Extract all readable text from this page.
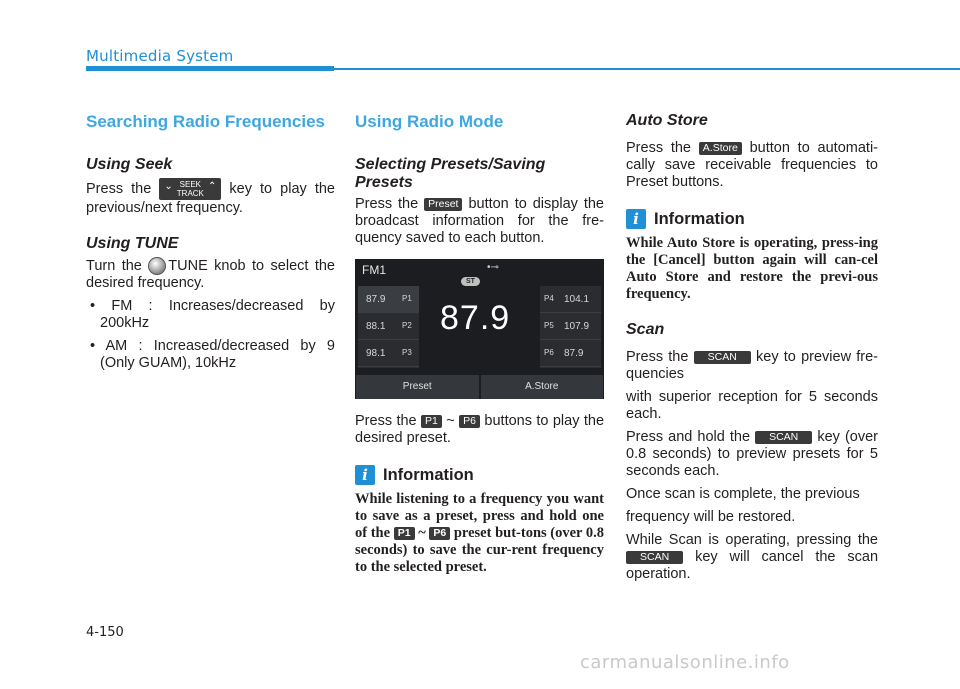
Multimedia System
Searching Radio Frequencies
Using Seek

Press the ⌄ SEEK
TRACK
⌃ key to play the previous/next frequency.

Using TUNE

Turn the TUNE knob to select the desired frequency.

• FM : Increases/decreased by 200kHz
• AM : Increased/decreased by 9 (Only GUAM), 10kHz
Using Radio Mode
Selecting Presets/Saving Presets

Press the Preset button to display the broadcast information for the fre-quency saved to each button.

FM1	•⊸
ST
87.9
87.9 P1
88.1 P2
98.1 P3
P4 104.1
P5 107.9
P6 87.9
Preset	A.Store

Press the P1 ~ P6 buttons to play the desired preset.

i Information

While listening to a frequency you want to save as a preset, press and hold one of the P1 ~ P6 preset but-tons (over 0.8 seconds) to save the cur-rent frequency to the selected preset.

Auto Store

Press the A.Store button to automati-cally save receivable frequencies to Preset buttons.

i Information

While Auto Store is operating, press-ing the [Cancel] button again will can-cel Auto Store and restore the previ-ous frequency.

Scan

Press the SCAN key to preview fre-quencies

with superior reception for 5 seconds each.

Press and hold the SCAN key (over 0.8 seconds) to preview presets for 5 seconds each.

Once scan is complete, the previous

frequency will be restored.

While Scan is operating, pressing the SCAN key will cancel the scan operation.

4-150
carmanualsonline.info
